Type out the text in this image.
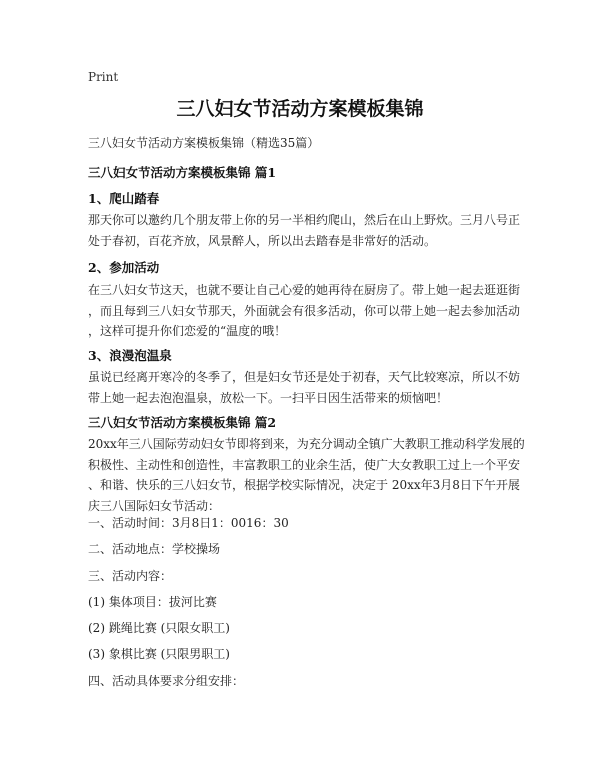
Print
三八妇女节活动方案模板集锦
三八妇女节活动方案模板集锦（精选35篇）
三八妇女节活动方案模板集锦 篇1
1、爬山踏春
那天你可以邀约几个朋友带上你的另一半相约爬山，然后在山上野炊。三月八号正
处于春初，百花齐放，风景醉人，所以出去踏春是非常好的活动。
2、参加活动
在三八妇女节这天，也就不要让自己心爱的她再待在厨房了。带上她一起去逛逛街
，而且每到三八妇女节那天，外面就会有很多活动，你可以带上她一起去参加活动
，这样可提升你们恋爱的“温度的哦！
3、浪漫泡温泉
虽说已经离开寒冷的冬季了，但是妇女节还是处于初春，天气比较寒凉，所以不妨
带上她一起去泡泡温泉，放松一下。一扫平日因生活带来的烦恼吧！
三八妇女节活动方案模板集锦 篇2
20xx年三八国际劳动妇女节即将到来，为充分调动全镇广大教职工推动科学发展的
积极性、主动性和创造性，丰富教职工的业余生活，使广大女教职工过上一个平安
、和谐、快乐的三八妇女节，根据学校实际情况，决定于 20xx年3月8日下午开展
庆三八国际妇女节活动：
一、活动时间：3月8日1：0016：30
二、活动地点：学校操场
三、活动内容：
(1) 集体项目：拔河比赛
(2) 跳绳比赛 (只限女职工)
(3) 象棋比赛 (只限男职工)
四、活动具体要求分组安排：
